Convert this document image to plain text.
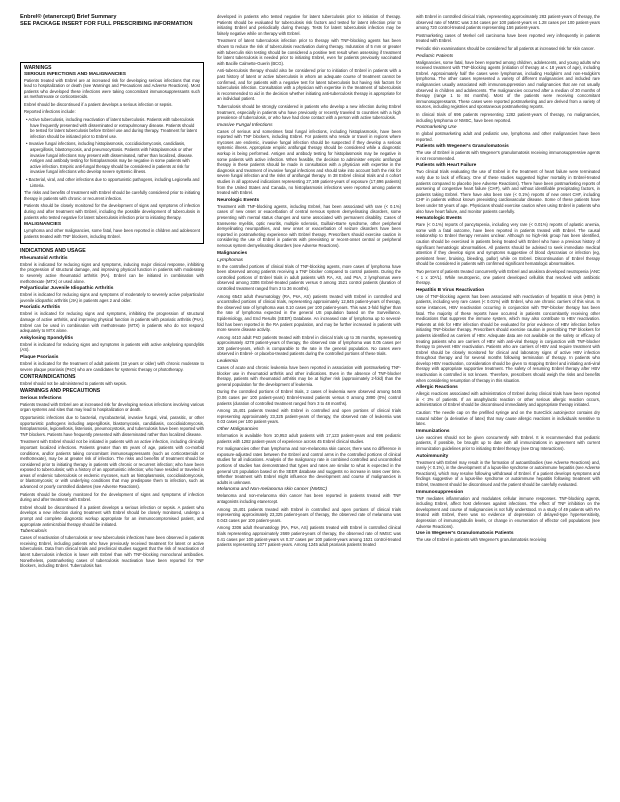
Enbrel® (etanercept) Brief Summary
SEE PACKAGE INSERT FOR FULL PRESCRIBING INFORMATION
WARNINGS
SERIOUS INFECTIONS AND MALIGNANCIES

Patients treated with Enbrel are at increased risk for developing serious infections that may lead to hospitalization or death (see Warnings and Precautions and Adverse Reactions). Most patients who developed these infections were taking concomitant immunosuppressants such as methotrexate or corticosteroids.

Enbrel should be discontinued if a patient develops a serious infection or sepsis.

Reported infections include:

• Active tuberculosis, including reactivation of latent tuberculosis. Patients with tuberculosis have frequently presented with disseminated or extrapulmonary disease. Patients should be tested for latent tuberculosis before Enbrel use and during therapy. Treatment for latent infection should be initiated prior to Enbrel use.

• Invasive fungal infections, including histoplasmosis, coccidioidomycosis, candidiasis, aspergillosis, blastomycosis, and pneumocystosis. Patients with histoplasmosis or other invasive fungal infections may present with disseminated, rather than localized, disease. Antigen and antibody testing for histoplasmosis may be negative in some patients with active infection. Empiric anti-fungal therapy should be considered in patients at risk for invasive fungal infections who develop severe systemic illness.

• Bacterial, viral, and other infections due to opportunistic pathogens, including Legionella and Listeria.

The risks and benefits of treatment with Enbrel should be carefully considered prior to initiating therapy in patients with chronic or recurrent infection.

Patients should be closely monitored for the development of signs and symptoms of infection during and after treatment with Enbrel, including the possible development of tuberculosis in patients who tested negative for latent tuberculosis infection prior to initiating therapy.

MALIGNANCIES

Lymphoma and other malignancies, some fatal, have been reported in children and adolescent patients treated with TNF blockers, including Enbrel.

INDICATIONS AND USAGE
Rheumatoid Arthritis

Enbrel is indicated for reducing signs and symptoms, inducing major clinical response, inhibiting the progression of structural damage, and improving physical function in patients with moderately to severely active rheumatoid arthritis (RA). Enbrel can be initiated in combination with methotrexate (MTX) or used alone.

Polyarticular Juvenile Idiopathic Arthritis

Enbrel is indicated for reducing signs and symptoms of moderately to severely active polyarticular juvenile idiopathic arthritis (JIA) in patients ages 2 and older.

Psoriatic Arthritis

Enbrel is indicated for reducing signs and symptoms, inhibiting the progression of structural damage of active arthritis, and improving physical function in patients with psoriatic arthritis (PsA). Enbrel can be used in combination with methotrexate (MTX) in patients who do not respond adequately to MTX alone.

Ankylosing Spondylitis

Enbrel is indicated for reducing signs and symptoms in patients with active ankylosing spondylitis (AS).

Plaque Psoriasis

Enbrel is indicated for the treatment of adult patients (18 years or older) with chronic moderate to severe plaque psoriasis (PsO) who are candidates for systemic therapy or phototherapy.

CONTRAINDICATIONS

Enbrel should not be administered to patients with sepsis.

WARNINGS AND PRECAUTIONS
Serious Infections

Patients treated with Enbrel are at increased risk for developing serious infections involving various organ systems and sites that may lead to hospitalization or death.

Opportunistic infections due to bacterial, mycobacterial, invasive fungal, viral, parasitic, or other opportunistic pathogens including aspergillosis, blastomycosis, candidiasis, coccidioidomycosis, histoplasmosis, legionellosis, listeriosis, pneumocystosis, and tuberculosis have been reported with TNF blockers. Patients have frequently presented with disseminated rather than localized disease.

Treatment with Enbrel should not be initiated in patients with an active infection, including clinically important localized infections. Patients greater than 65 years of age, patients with co-morbid conditions, and/or patients taking concomitant immunosuppressants (such as corticosteroids or methotrexate), may be at greater risk of infection. The risks and benefits of treatment should be considered prior to initiating therapy in patients with chronic or recurrent infection; who have been exposed to tuberculosis; with a history of an opportunistic infection; who have resided or traveled in areas of endemic tuberculosis or endemic mycoses, such as histoplasmosis, coccidioidomycosis, or blastomycosis; or with underlying conditions that may predispose them to infection, such as advanced or poorly controlled diabetes (see Adverse Reactions).

Patients should be closely monitored for the development of signs and symptoms of infection during and after treatment with Enbrel.

Enbrel should be discontinued if a patient develops a serious infection or sepsis. A patient who develops a new infection during treatment with Enbrel should be closely monitored, undergo a prompt and complete diagnostic workup appropriate for an immunocompromised patient, and appropriate antimicrobial therapy should be initiated.

Tuberculosis

Cases of reactivation of tuberculosis or new tuberculosis infections have been observed in patients receiving Enbrel, including patients who have previously received treatment for latent or active tuberculosis. Data from clinical trials and preclinical studies suggest that the risk of reactivation of latent tuberculosis infection is lower with Enbrel than with TNF-blocking monoclonal antibodies. Nonetheless, postmarketing cases of tuberculosis reactivation have been reported for TNF blockers, including Enbrel. Tuberculosis has

developed in patients who tested negative for latent tuberculosis prior to initiation of therapy. Patients should be evaluated for tuberculosis risk factors and tested for latent infection prior to initiating Enbrel and periodically during therapy. Tests for latent tuberculosis infection may be falsely negative while on therapy with Enbrel.

Treatment of latent tuberculosis infection prior to therapy with TNF-blocking agents has been shown to reduce the risk of tuberculosis reactivation during therapy. Induration of 5 mm or greater with tuberculin skin testing should be considered a positive test result when assessing if treatment for latent tuberculosis is needed prior to initiating Enbrel, even for patients previously vaccinated with Bacille Calmette-Guerin (BCG).

Anti-tuberculosis therapy should also be considered prior to initiation of Enbrel in patients with a past history of latent or active tuberculosis in whom an adequate course of treatment cannot be confirmed, and for patients with a negative test for latent tuberculosis but having risk factors for tuberculosis infection. Consultation with a physician with expertise in the treatment of tuberculosis is recommended to aid in the decision whether initiating anti-tuberculosis therapy is appropriate for an individual patient.

Tuberculosis should be strongly considered in patients who develop a new infection during Enbrel treatment, especially in patients who have previously or recently traveled to countries with a high prevalence of tuberculosis, or who have had close contact with a person with active tuberculosis.

Invasive Fungal Infections

Cases of serious and sometimes fatal fungal infections, including histoplasmosis, have been reported with TNF blockers, including Enbrel. For patients who reside or travel in regions where mycoses are endemic, invasive fungal infection should be suspected if they develop a serious systemic illness. Appropriate empiric antifungal therapy should be considered while a diagnostic workup is being performed. Antigen and antibody testing for histoplasmosis may be negative in some patients with active infection. When feasible, the decision to administer empiric antifungal therapy in these patients should be made in consultation with a physician with expertise in the diagnosis and treatment of invasive fungal infections and should take into account both the risk for severe fungal infection and the risks of antifungal therapy. In 38 Enbrel clinical trials and 4 cohort studies in all approved indications representing 27,169 patient-years of exposure (17,696 patients) from the United States and Canada, no histoplasmosis infections were reported among patients treated with Enbrel.

Neurologic Events

Treatment with TNF-blocking agents, including Enbrel, has been associated with rare (< 0.1%) cases of new onset or exacerbation of central nervous system demyelinating disorders, some presenting with mental status changes and some associated with permanent disability. Cases of transverse myelitis, optic neuritis, multiple sclerosis, Guillain-Barre syndrome, other peripheral demyelinating neuropathies, and new onset or exacerbation of seizure disorders have been reported in postmarketing experience with Enbrel therapy. Prescribers should exercise caution in considering the use of Enbrel in patients with preexisting or recent-onset central or peripheral nervous system demyelinating disorders (see Adverse Reactions).

Malignancies
Lymphomas

In the controlled portions of clinical trials of TNF-blocking agents, more cases of lymphoma have been observed among patients receiving a TNF blocker compared to control patients. During the controlled portions of Enbrel trials in adult patients with RA, AS, and PsA, 2 lymphomas were observed among 3306 Enbrel-treated patients versus 0 among 1521 control patients (duration of controlled treatment ranged from 3 to 36 months).

Among 6543 adult rheumatology (RA, PsA, AS) patients treated with Enbrel in controlled and uncontrolled portions of clinical trials, representing approximately 12,845 patient-years of therapy, the observed rate of lymphoma was 0.10 cases per 100 patient-years. This was 3-fold higher than the rate of lymphoma expected in the general US population based on the Surveillance, Epidemiology, and End Results (SEER) Database. An increased rate of lymphoma up to several-fold has been reported in the RA patient population, and may be further increased in patients with more severe disease activity.

Among 4410 adult PsO patients treated with Enbrel in clinical trials up to 36 months, representing approximately 4278 patient-years of therapy, the observed rate of lymphoma was 0.05 cases per 100 patient-years, which is comparable to the rate in the general population. No cases were observed in Enbrel- or placebo-treated patients during the controlled portions of these trials.

Leukemia

Cases of acute and chronic leukemia have been reported in association with postmarketing TNF-blocker use in rheumatoid arthritis and other indications. Even in the absence of TNF-blocker therapy, patients with rheumatoid arthritis may be at higher risk (approximately 2-fold) than the general population for the development of leukemia.

During the controlled portions of Enbrel trials, 2 cases of leukemia were observed among 5445 (0.06 cases per 100 patient-years) Enbrel-treated patients versus 0 among 2890 (0%) control patients (duration of controlled treatment ranged from 3 to 48 months).

Among 15,401 patients treated with Enbrel in controlled and open portions of clinical trials representing approximately 23,325 patient-years of therapy, the observed rate of leukemia was 0.03 cases per 100 patient-years.

Other Malignancies

Information is available from 10,953 adult patients with 17,123 patient-years and 696 pediatric patients with 1282 patient-years of experience across 45 Enbrel clinical studies.

For malignancies other than lymphoma and non-melanoma skin cancer, there was no difference in exposure-adjusted rates between the Enbrel and control arms in the controlled portions of clinical studies for all indications. Analysis of the malignancy rate in combined controlled and uncontrolled portions of studies has demonstrated that types and rates are similar to what is expected in the general US population based on the SEER database and suggests no increase in rates over time. Whether treatment with Enbrel might influence the development and course of malignancies in adults is unknown.

Melanoma and Non-melanoma skin cancer (NMSC)

Melanoma and non-melanoma skin cancer has been reported in patients treated with TNF antagonists including etanercept.

Among 15,401 patients treated with Enbrel in controlled and open portions of clinical trials representing approximately 23,325 patient-years of therapy, the observed rate of melanoma was 0.043 cases per 100 patient-years.

Among 3306 adult rheumatology (RA, PsA, AS) patients treated with Enbrel in controlled clinical trials representing approximately 2669 patient-years of therapy, the observed rate of NMSC was 0.41 cases per 100 patient-years vs 0.37 cases per 100 patient-years among 1521 control-treated patients representing 1077 patient-years. Among 1245 adult psoriasis patients treated

with Enbrel in controlled clinical trials, representing approximately 283 patient-years of therapy, the observed rate of NMSC was 3.54 cases per 100 patient-years vs 1.28 cases per 100 patient-years among 720 control-treated patients representing 156 patient-years.

Postmarketing cases of Merkel cell carcinoma have been reported very infrequently in patients treated with Enbrel.

Periodic skin examinations should be considered for all patients at increased risk for skin cancer.

Pediatric Patients

Malignancies, some fatal, have been reported among children, adolescents, and young adults who received treatment with TNF-blocking agents (initiation of therapy at ≤ 18 years of age), including Enbrel. Approximately half the cases were lymphomas, including Hodgkin's and non-Hodgkin's lymphoma. The other cases represented a variety of different malignancies and included rare malignancies usually associated with immunosuppression and malignancies that are not usually observed in children and adolescents. The malignancies occurred after a median of 30 months of therapy (range 1 to 84 months). Most of the patients were receiving concomitant immunosuppressants. These cases were reported postmarketing and are derived from a variety of sources, including registries and spontaneous postmarketing reports.

In clinical trials of 696 patients representing 1282 patient-years of therapy, no malignancies, including lymphoma or NMSC, have been reported.

Postmarketing Use

In global postmarketing adult and pediatric use, lymphoma and other malignancies have been reported.

Patients with Wegener's Granulomatosis

The use of Enbrel in patients with Wegener's granulomatosis receiving immunosuppressive agents is not recommended.

Patients with Heart Failure

Two clinical trials evaluating the use of Enbrel in the treatment of heart failure were terminated early due to lack of efficacy. One of these studies suggested higher mortality in Enbrel-treated patients compared to placebo (see Adverse Reactions). There have been postmarketing reports of worsening of congestive heart failure (CHF), with and without identifiable precipitating factors, in patients taking Enbrel. There have also been rare (< 0.1%) reports of new onset CHF, including CHF in patients without known preexisting cardiovascular disease. Some of these patients have been under 50 years of age. Physicians should exercise caution when using Enbrel in patients who also have heart failure, and monitor patients carefully.

Hematologic Events

Rare (< 0.1%) reports of pancytopenia, including very rare (< 0.01%) reports of aplastic anemia, some with a fatal outcome, have been reported in patients treated with Enbrel. The causal relationship to Enbrel therapy remains unclear. Although no high-risk group has been identified, caution should be exercised in patients being treated with Enbrel who have a previous history of significant hematologic abnormalities. All patients should be advised to seek immediate medical attention if they develop signs and symptoms suggestive of blood dyscrasias or infection (eg, persistent fever, bruising, bleeding, pallor) while on Enbrel. Discontinuation of Enbrel therapy should be considered in patients with confirmed significant hematologic abnormalities.

Two percent of patients treated concurrently with Enbrel and anakinra developed neutropenia (ANC < 1 x 10⁹/L). While neutropenic, one patient developed cellulitis that resolved with antibiotic therapy.

Hepatitis B Virus Reactivation

Use of TNF-blocking agents has been associated with reactivation of hepatitis B virus (HBV) in patients, including very rare cases (< 0.01%) with Enbrel, who are chronic carriers of this virus. In some instances, HBV reactivation occurring in conjunction with TNF-blocker therapy has been fatal. The majority of these reports have occurred in patients concomitantly receiving other medications that suppress the immune system, which may also contribute to HBV reactivation. Patients at risk for HBV infection should be evaluated for prior evidence of HBV infection before initiating TNF-blocker therapy. Prescribers should exercise caution in prescribing TNF blockers for patients identified as carriers of HBV. Adequate data are not available on the safety or efficacy of treating patients who are carriers of HBV with anti-viral therapy in conjunction with TNF-blocker therapy to prevent HBV reactivation. Patients who are carriers of HBV and require treatment with Enbrel should be closely monitored for clinical and laboratory signs of active HBV infection throughout therapy and for several months following termination of therapy. In patients who develop HBV reactivation, consideration should be given to stopping Enbrel and initiating anti-viral therapy with appropriate supportive treatment. The safety of resuming Enbrel therapy after HBV reactivation is controlled is not known. Therefore, prescribers should weigh the risks and benefits when considering resumption of therapy in this situation.

Allergic Reactions

Allergic reactions associated with administration of Enbrel during clinical trials have been reported in < 2% of patients. If an anaphylactic reaction or other serious allergic reaction occurs, administration of Enbrel should be discontinued immediately and appropriate therapy initiated.

Caution: The needle cap on the prefilled syringe and on the SureClick autoinjector contains dry natural rubber (a derivative of latex) that may cause allergic reactions in individuals sensitive to latex.

Immunizations

Live vaccines should not be given concurrently with Enbrel. It is recommended that pediatric patients, if possible, be brought up to date with all immunizations in agreement with current immunization guidelines prior to initiating Enbrel therapy (see Drug Interactions).

Autoimmunity

Treatment with Enbrel may result in the formation of autoantibodies (see Adverse Reactions) and, rarely (< 0.1%), in the development of a lupus-like syndrome or autoimmune hepatitis (see Adverse Reactions), which may resolve following withdrawal of Enbrel. If a patient develops symptoms and findings suggestive of a lupus-like syndrome or autoimmune hepatitis following treatment with Enbrel, treatment should be discontinued and the patient should be carefully evaluated.

Immunosuppression

TNF mediates inflammation and modulates cellular immune responses. TNF-blocking agents, including Enbrel, affect host defenses against infections. The effect of TNF inhibition on the development and course of malignancies is not fully understood. In a study of 49 patients with RA treated with Enbrel, there was no evidence of depression of delayed-type hypersensitivity, depression of immunoglobulin levels, or change in enumeration of effector cell populations (see Adverse Reactions).

Use in Wegener's Granulomatosis Patients

The use of Enbrel in patients with Wegener's granulomatosis receiving
